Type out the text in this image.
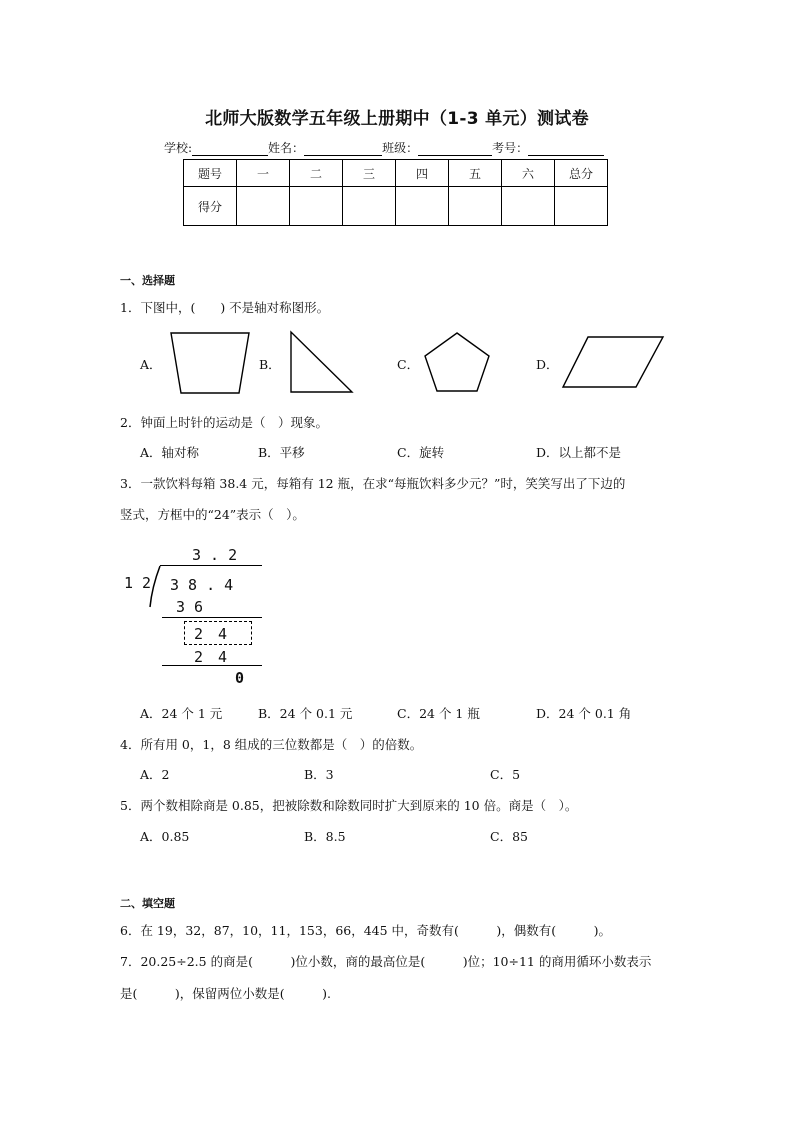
北师大版数学五年级上册期中（1-3 单元）测试卷
学校:	姓名：	班级：	考号：
题号	一	二	三	四	五	六	总分
得分							
一、选择题
1．下图中，(　　) 不是轴对称图形。
A．	B．	C．	D．
2．钟面上时针的运动是（　）现象。
A．轴对称	B．平移	C．旋转	D．以上都不是
3．一款饮料每箱 38.4 元，每箱有 12 瓶，在求“每瓶饮料多少元？”时，笑笑写出了下边的
竖式，方框中的“24”表示（　）。
3 . 2
1 2 3 8 . 4
3 6
2　4
2　4
0
A．24 个 1 元	B．24 个 0.1 元	C．24 个 1 瓶	D．24 个 0.1 角
4．所有用 0，1，8 组成的三位数都是（　）的倍数。
A．2	B．3	C．5
5．两个数相除商是 0.85，把被除数和除数同时扩大到原来的 10 倍。商是（　）。
A．0.85	B．8.5	C．85
二、填空题
6．在 19，32，87，10，11，153，66，445 中，奇数有(　　　)，偶数有(　　　)。
7．20.25÷2.5 的商是(　　　)位小数，商的最高位是(　　　)位；10÷11 的商用循环小数表示
是(　　　)，保留两位小数是(　　　).
